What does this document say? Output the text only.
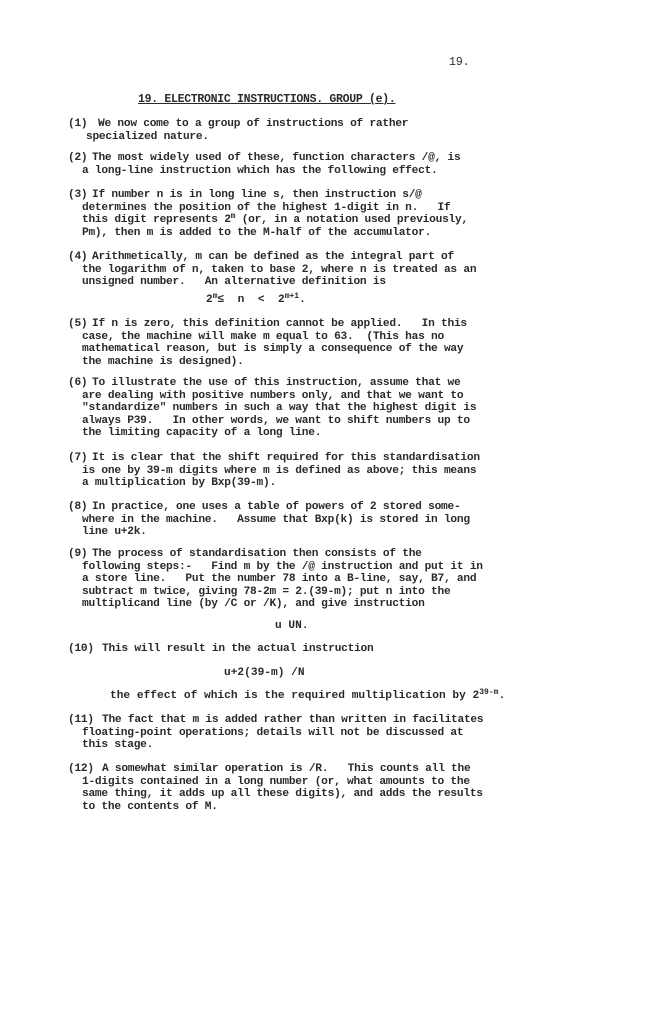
19.
19. ELECTRONIC INSTRUCTIONS. GROUP (e).
(1) We now come to a group of instructions of rather
specialized nature.
(2) The most widely used of these, function characters /@, is
a long-line instruction which has the following effect.
(3) If number n is in long line s, then instruction s/@
determines the position of the highest 1-digit in n.   If
this digit represents 2$^m$ (or, in a notation used previously,
Pm), then m is added to the M-half of the accumulator.
(4) Arithmetically, m can be defined as the integral part of
the logarithm of n, taken to base 2, where n is treated as an
unsigned number.   An alternative definition is
$2^m\le n < 2^{m+1}$.
(5) If n is zero, this definition cannot be applied.   In this
case, the machine will make m equal to 63.  (This has no
mathematical reason, but is simply a consequence of the way
the machine is designed).
(6) To illustrate the use of this instruction, assume that we
are dealing with positive numbers only, and that we want to
"standardize" numbers in such a way that the highest digit is
always P39.   In other words, we want to shift numbers up to
the limiting capacity of a long line.
(7) It is clear that the shift required for this standardisation
is one by 39-m digits where m is defined as above; this means
a multiplication by Bxp(39-m).
(8) In practice, one uses a table of powers of 2 stored some-
where in the machine.   Assume that Bxp(k) is stored in long
line u+2k.
(9) The process of standardisation then consists of the
following steps:-   Find m by the /@ instruction and put it in
a store line.   Put the number 78 into a B-line, say, B7, and
subtract m twice, giving 78-2m = 2.(39-m); put n into the
multiplicand line (by /C or /K), and give instruction
u UN.
(10) This will result in the actual instruction
u+2(39-m) /N
the effect of which is the required multiplication by 2$^{39-m}$.
(11) The fact that m is added rather than written in facilitates
floating-point operations; details will not be discussed at
this stage.
(12) A somewhat similar operation is /R.   This counts all the
1-digits contained in a long number (or, what amounts to the
same thing, it adds up all these digits), and adds the results
to the contents of M.
